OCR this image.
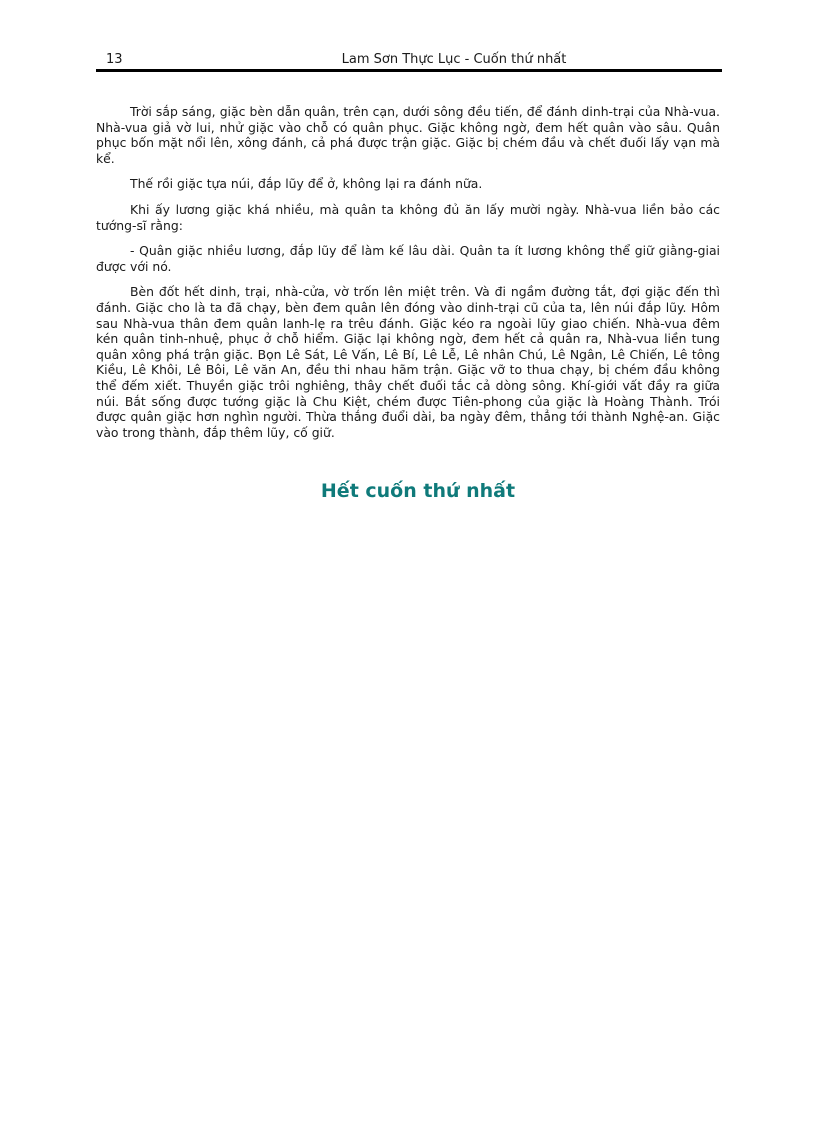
13	Lam Sơn Thực Lục - Cuốn thứ nhất

Trời sắp sáng, giặc bèn dẫn quân, trên cạn, dưới sông đều tiến, để đánh dinh-trại của Nhà-vua. Nhà-vua giả vờ lui, nhử giặc vào chỗ có quân phục. Giặc không ngờ, đem hết quân vào sâu. Quân phục bốn mặt nổi lên, xông đánh, cả phá được trận giặc. Giặc bị chém đầu và chết đuối lấy vạn mà kể.

Thế rồi giặc tựa núi, đắp lũy để ở, không lại ra đánh nữa.

Khi ấy lương giặc khá nhiều, mà quân ta không đủ ăn lấy mười ngày. Nhà-vua liền bảo các tướng-sĩ rằng:

- Quân giặc nhiều lương, đắp lũy để làm kế lâu dài. Quân ta ít lương không thể giữ giằng-giai được với nó.

Bèn đốt hết dinh, trại, nhà-cửa, vờ trốn lên miệt trên. Và đi ngầm đường tắt, đợi giặc đến thì đánh. Giặc cho là ta đã chạy, bèn đem quân lên đóng vào dinh-trại cũ của ta, lên núi đắp lũy. Hôm sau Nhà-vua thân đem quân lanh-lẹ ra trêu đánh. Giặc kéo ra ngoài lũy giao chiến. Nhà-vua đêm kén quân tinh-nhuệ, phục ở chỗ hiểm. Giặc lại không ngờ, đem hết cả quân ra, Nhà-vua liền tung quân xông phá trận giặc. Bọn Lê Sát, Lê Vấn, Lê Bí, Lê Lễ, Lê nhân Chú, Lê Ngân, Lê Chiến, Lê tông Kiều, Lê Khôi, Lê Bôi, Lê văn An, đều thi nhau hãm trận. Giặc vỡ to thua chạy, bị chém đầu không thể đếm xiết. Thuyền giặc trôi nghiêng, thây chết đuối tắc cả dòng sông. Khí-giới vất đầy ra giữa núi. Bắt sống được tướng giặc là Chu Kiệt, chém được Tiên-phong của giặc là Hoàng Thành. Trói được quân giặc hơn nghìn người. Thừa thắng đuổi dài, ba ngày đêm, thẳng tới thành Nghệ-an. Giặc vào trong thành, đắp thêm lũy, cố giữ.

Hết cuốn thứ nhất
